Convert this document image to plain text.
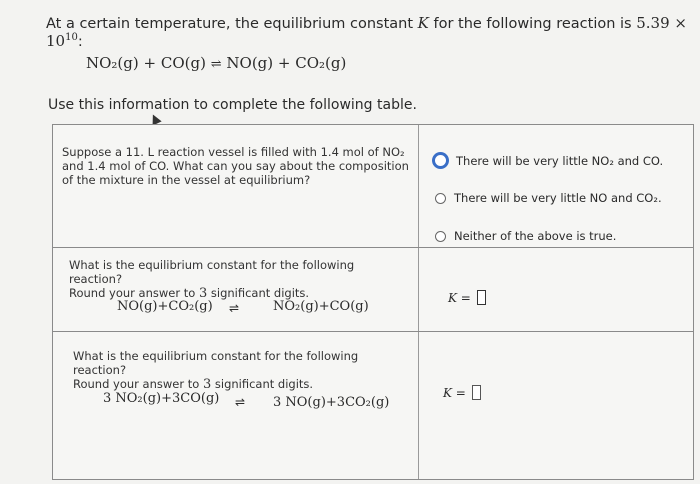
At a certain temperature, the equilibrium constant K for the following reaction is $5.39 \times 10^{10}$:
NO₂(g) + CO(g) ⇌ NO(g) + CO₂(g)
Use this information to complete the following table.
Suppose a 11. L reaction vessel is filled with 1.4 mol of NO₂ and 1.4 mol of CO. What can you say about the composition of the mixture in the vessel at equilibrium?
There will be very little NO₂ and CO.
There will be very little NO and CO₂.
Neither of the above is true.
What is the equilibrium constant for the following reaction?
Round your answer to 3 significant digits.
NO(g)+CO₂(g) ⇌	NO₂(g)+CO(g)
K =
What is the equilibrium constant for the following reaction?
Round your answer to 3 significant digits.
3 NO₂(g)+3CO(g) ⇌ 3 NO(g)+3CO₂(g)
K =
